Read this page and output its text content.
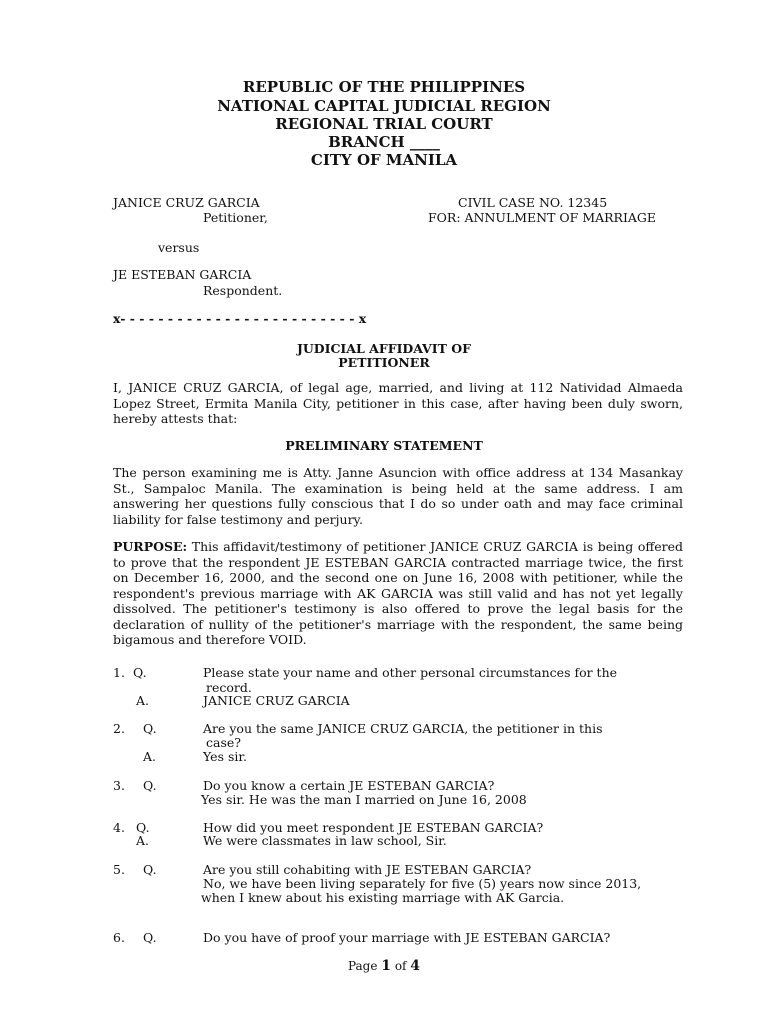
REPUBLIC OF THE PHILIPPINES
NATIONAL CAPITAL JUDICIAL REGION
REGIONAL TRIAL COURT
BRANCH ____
CITY OF MANILA
JANICE CRUZ GARCIA
Petitioner,
CIVIL CASE NO. 12345
FOR: ANNULMENT OF MARRIAGE
versus
JE ESTEBAN GARCIA
Respondent.
x- - - - - - - - - - - - - - - - - - - - - - - - - x
JUDICIAL AFFIDAVIT OF
PETITIONER
I, JANICE CRUZ GARCIA, of legal age, married, and living at 112 Natividad Almaeda Lopez Street, Ermita Manila City, petitioner in this case, after having been duly sworn, hereby attests that:
PRELIMINARY STATEMENT
The person examining me is Atty. Janne Asuncion with office address at 134 Masankay St., Sampaloc Manila. The examination is being held at the same address. I am answering her questions fully conscious that I do so under oath and may face criminal liability for false testimony and perjury.
PURPOSE: This affidavit/testimony of petitioner JANICE CRUZ GARCIA is being offered to prove that the respondent JE ESTEBAN GARCIA contracted marriage twice, the first on December 16, 2000, and the second one on June 16, 2008 with petitioner, while the respondent's previous marriage with AK GARCIA was still valid and has not yet legally dissolved. The petitioner's testimony is also offered to prove the legal basis for the declaration of nullity of the petitioner's marriage with the respondent, the same being bigamous and therefore VOID.
1. Q.	Please state your name and other personal circumstances for the
record.
A.	JANICE CRUZ GARCIA
2. Q.	Are you the same JANICE CRUZ GARCIA, the petitioner in this
case?
A.	Yes sir.
3. Q.	Do you know a certain JE ESTEBAN GARCIA?
Yes sir. He was the man I married on June 16, 2008
4. Q.	How did you meet respondent JE ESTEBAN GARCIA?
A.	We were classmates in law school, Sir.
5. Q.	Are you still cohabiting with JE ESTEBAN GARCIA?
No, we have been living separately for five (5) years now since 2013,
when I knew about his existing marriage with AK Garcia.
6. Q.	Do you have of proof your marriage with JE ESTEBAN GARCIA?
Page 1 of 4
